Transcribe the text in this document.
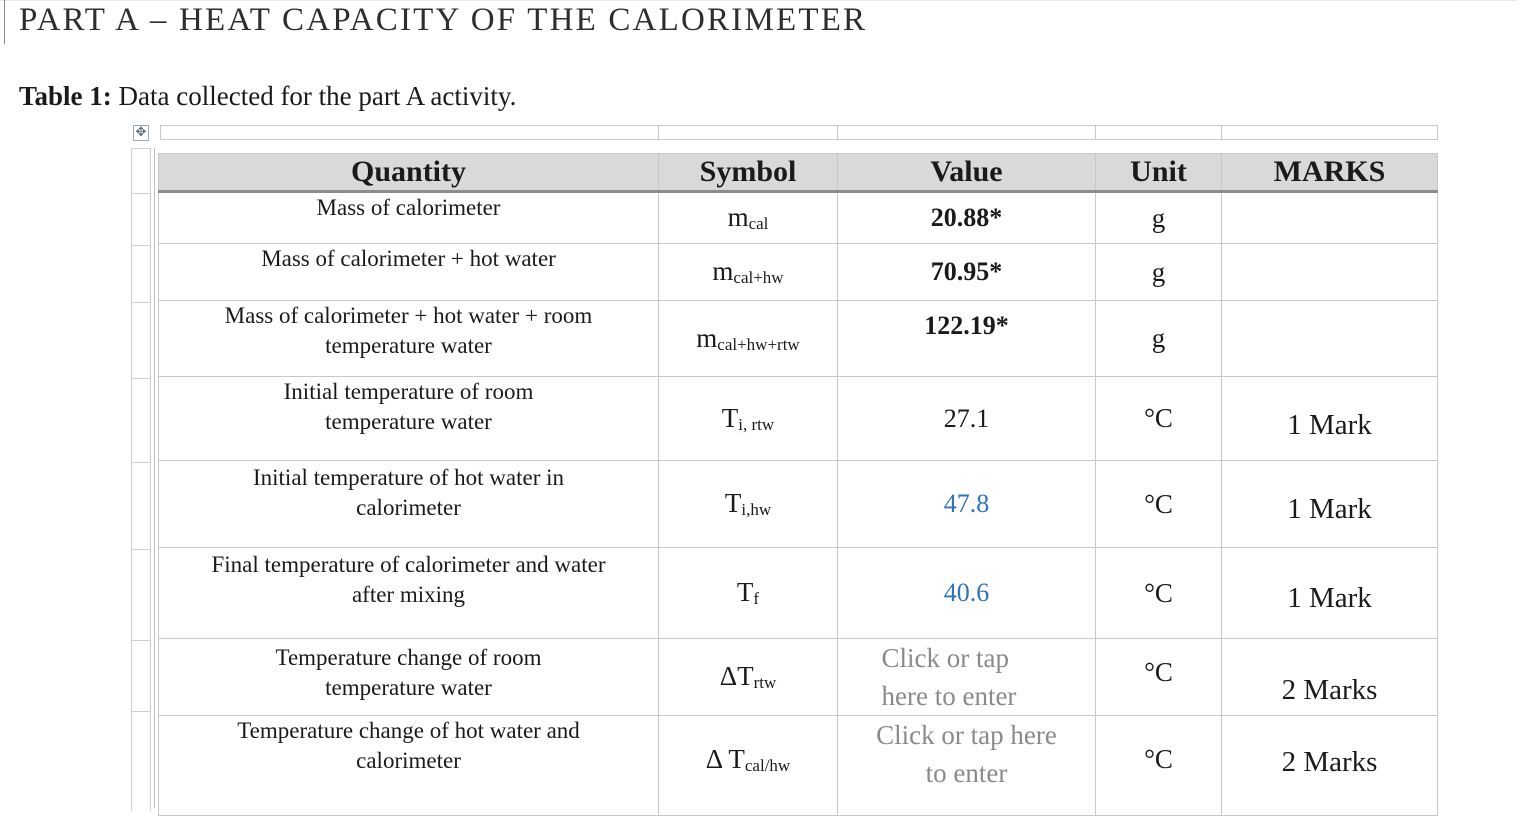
PART A – HEAT CAPACITY OF THE CALORIMETER
Table 1: Data collected for the part A activity.
✥
Quantity	Symbol	Value	Unit	MARKS
Mass of calorimeter	$m_{cal}$	20.88*	g	
Mass of calorimeter + hot water	$m_{cal+hw}$	70.95*	g	
Mass of calorimeter + hot water + room temperature water	$m_{cal+hw+rtw}$	122.19*	g	
Initial temperature of room temperature water	$T_{i, rtw}$	27.1	°C	1 Mark
Initial temperature of hot water in calorimeter	$T_{i,hw}$	47.8	°C	1 Mark
Final temperature of calorimeter and water after mixing	$T_f$	40.6	°C	1 Mark
Temperature change of room temperature water	$\Delta T_{rtw}$	Click or tap here to enter	°C	2 Marks
Temperature change of hot water and calorimeter	Δ $T_{cal/hw}$	Click or tap here to enter	°C	2 Marks
